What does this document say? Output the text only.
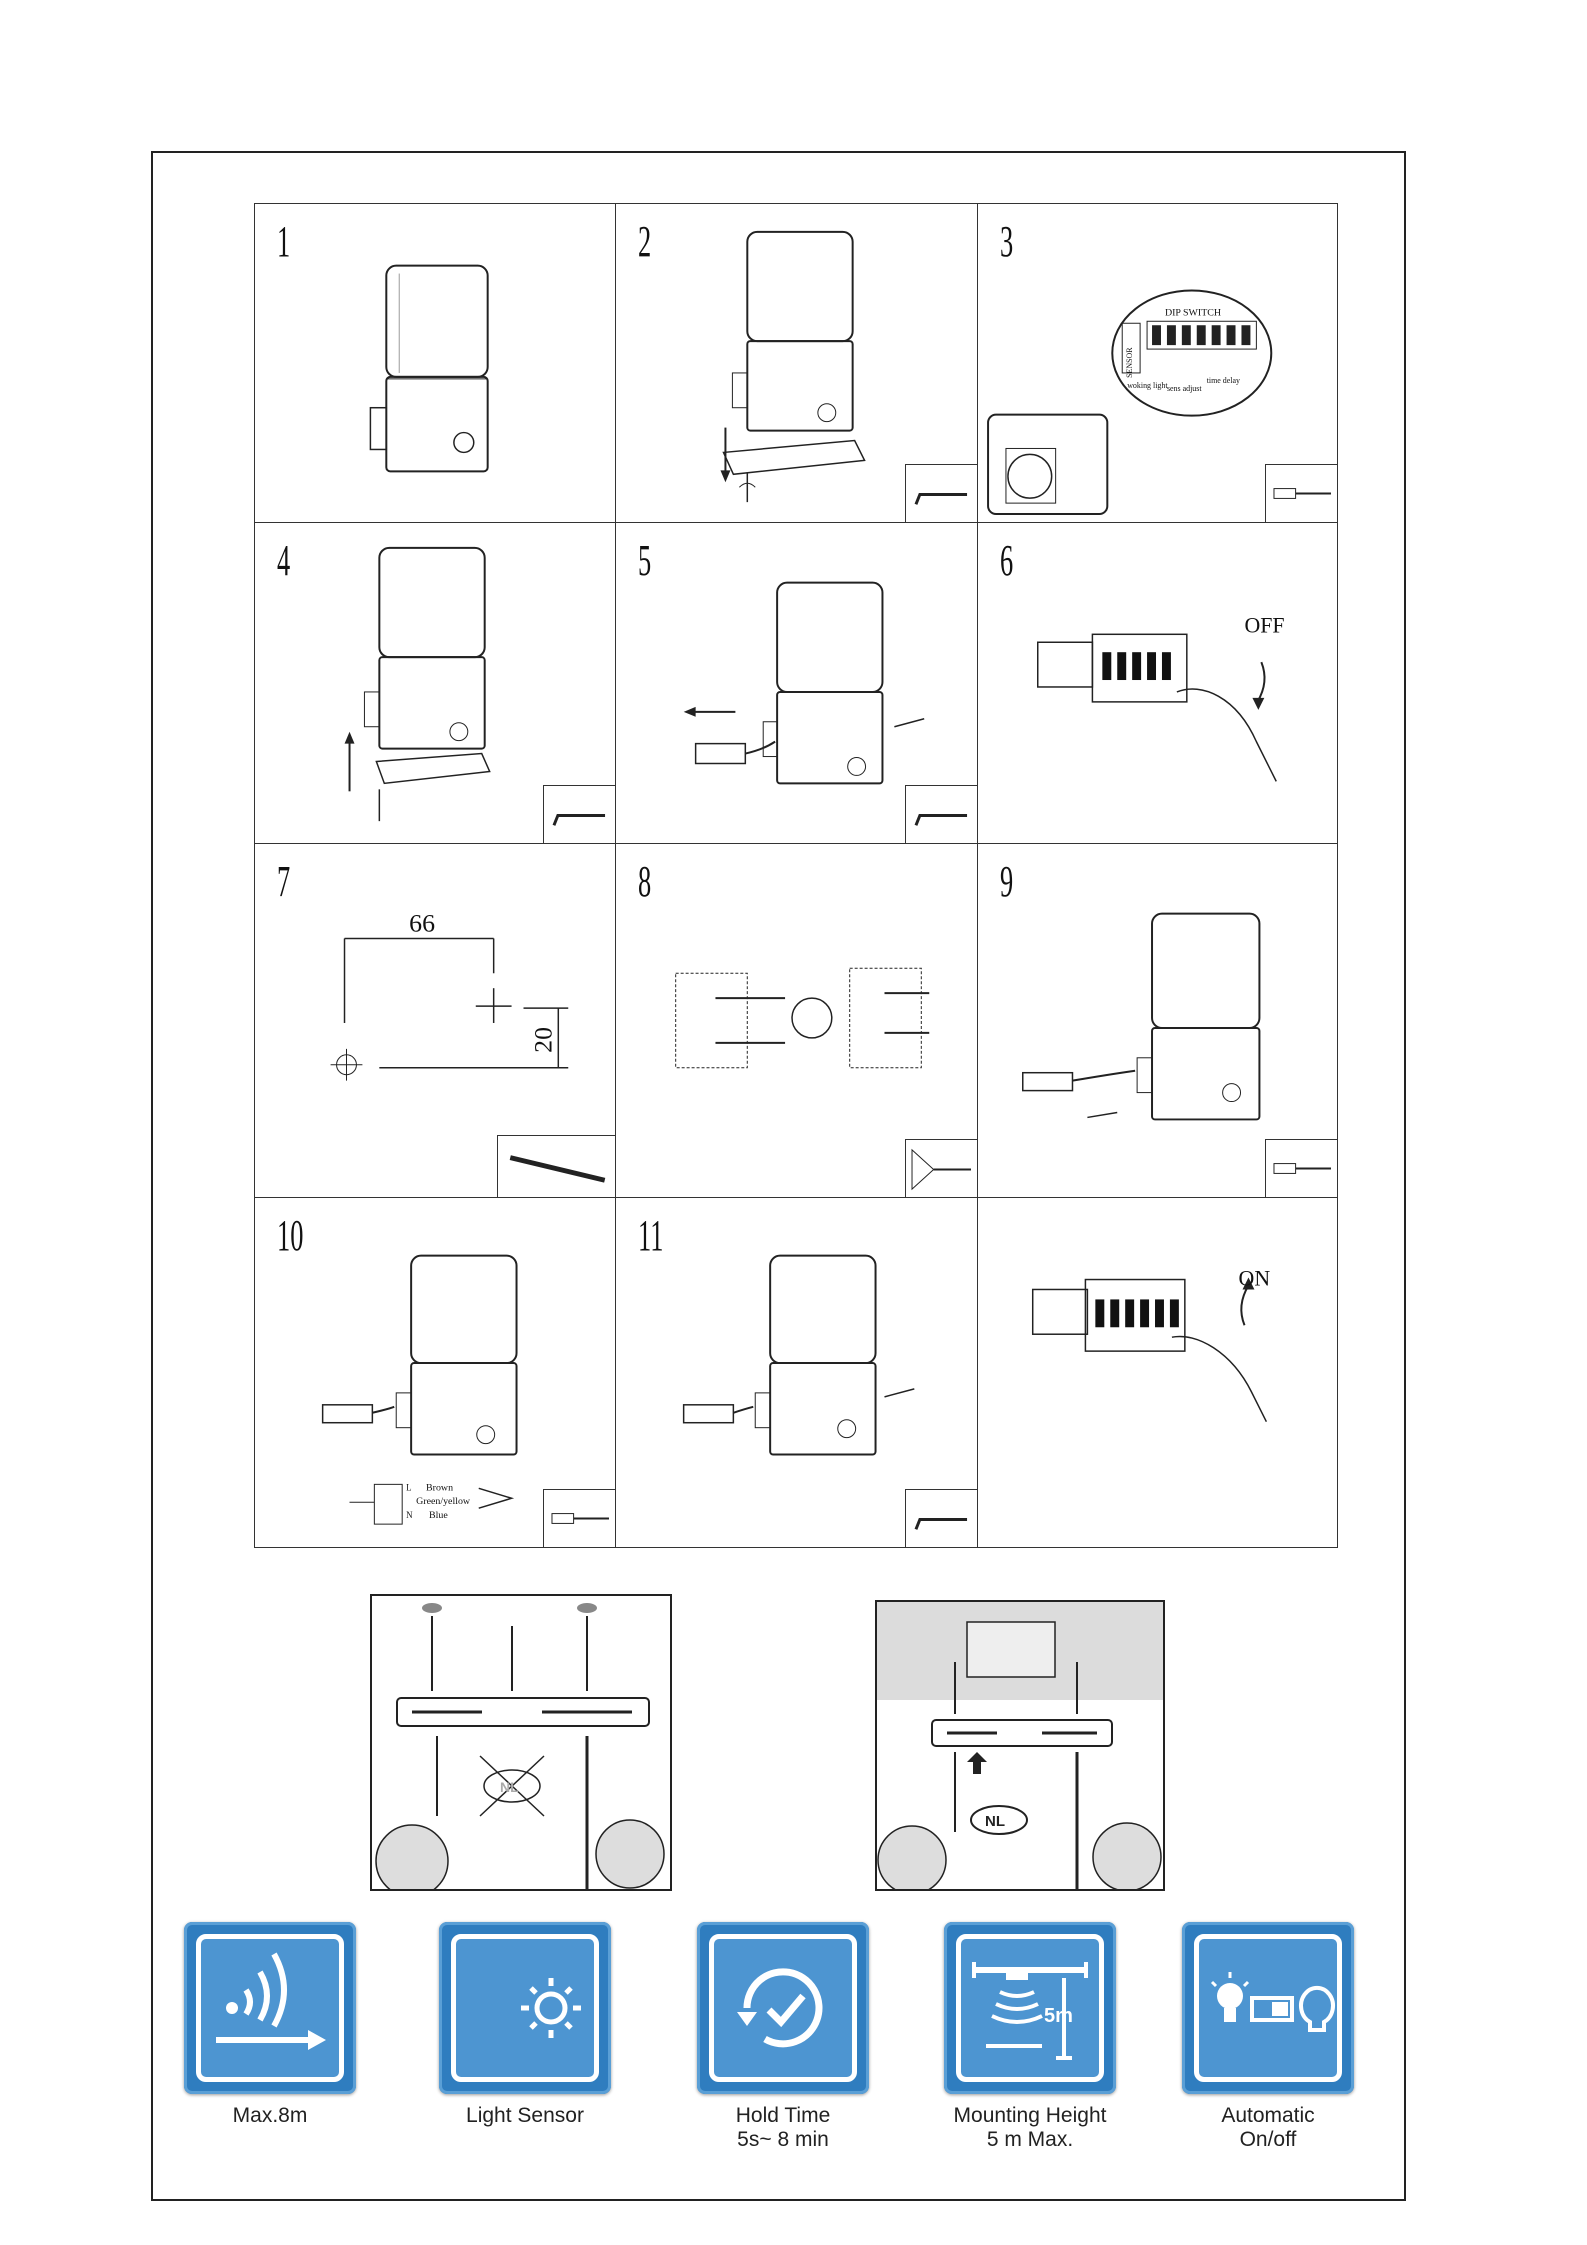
1	2
DIP SWITCH
SENSOR
woking light sens adjust
time delay
3
4	5
OFF
6
66
20
7	8	9
L
N
Brown
Green/yellow
Blue
10	11
ON
NL
NL
Max.8m	Light Sensor	Hold Time
5s~ 8 min
5m
Mounting Height
5 m Max.
Automatic
On/off
